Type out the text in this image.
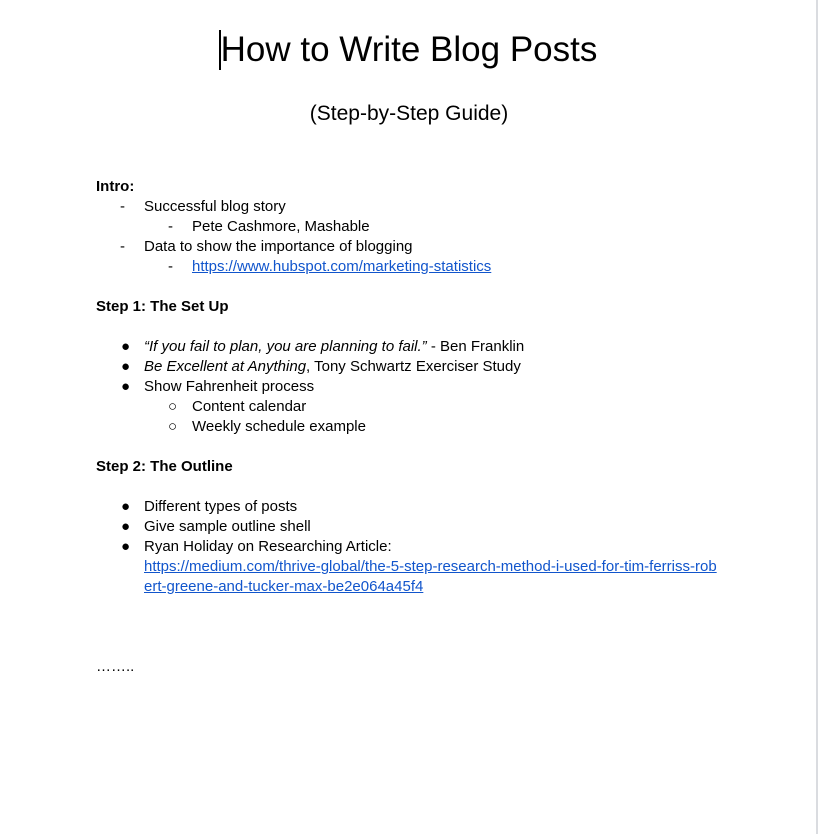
How to Write Blog Posts
(Step-by-Step Guide)
Intro:
- Successful blog story
- Pete Cashmore, Mashable
- Data to show the importance of blogging
- https://www.hubspot.com/marketing-statistics
Step 1: The Set Up
● “If you fail to plan, you are planning to fail.” - Ben Franklin
● Be Excellent at Anything, Tony Schwartz Exerciser Study
● Show Fahrenheit process
○ Content calendar
○ Weekly schedule example
Step 2: The Outline
● Different types of posts
● Give sample outline shell
● Ryan Holiday on Researching Article:
https://medium.com/thrive-global/the-5-step-research-method-i-used-for-tim-ferriss-rob
ert-greene-and-tucker-max-be2e064a45f4
……..
